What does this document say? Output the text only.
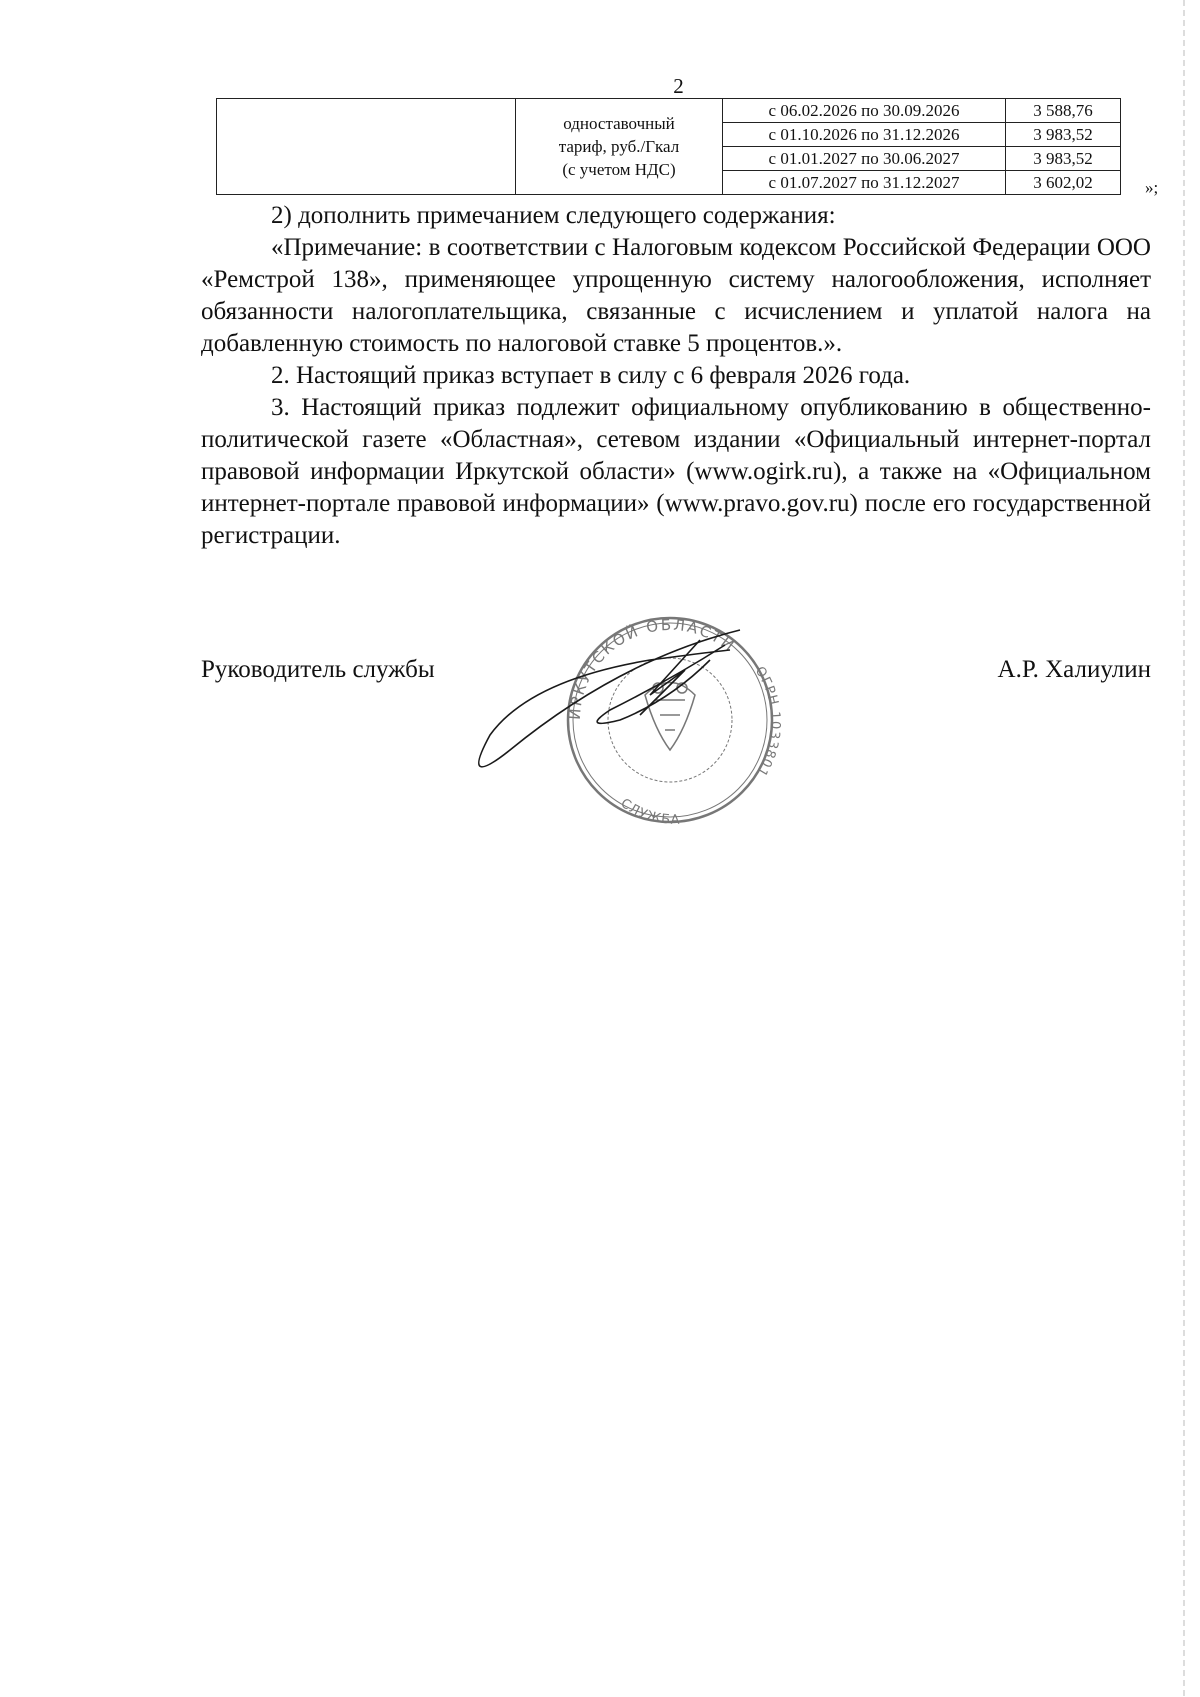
2

	одноставочный
тариф, руб./Гкал
(с учетом НДС)	с 06.02.2026 по 30.09.2026	3 588,76
		с 01.10.2026 по 31.12.2026	3 983,52
		с 01.01.2027 по 30.06.2027	3 983,52
		с 01.07.2027 по 31.12.2027	3 602,02	»;

2) дополнить примечанием следующего содержания:

«Примечание: в соответствии с Налоговым кодексом Российской Федерации ООО «Ремстрой 138», применяющее упрощенную систему налогообложения, исполняет обязанности налогоплательщика, связанные с исчислением и уплатой налога на добавленную стоимость по налоговой ставке 5 процентов.».

2. Настоящий приказ вступает в силу с 6 февраля 2026 года.

3. Настоящий приказ подлежит официальному опубликованию в общественно-политической газете «Областная», сетевом издании «Официальный интернет-портал правовой информации Иркутской области» (www.ogirk.ru), а также на «Официальном интернет-портале правовой информации» (www.pravo.gov.ru) после его государственной регистрации.

Руководитель службы	А.Р. Халиулин
ИРКУТСКОЙ ОБЛАСТИ
ОГРН 1033801
СЛУЖБА
